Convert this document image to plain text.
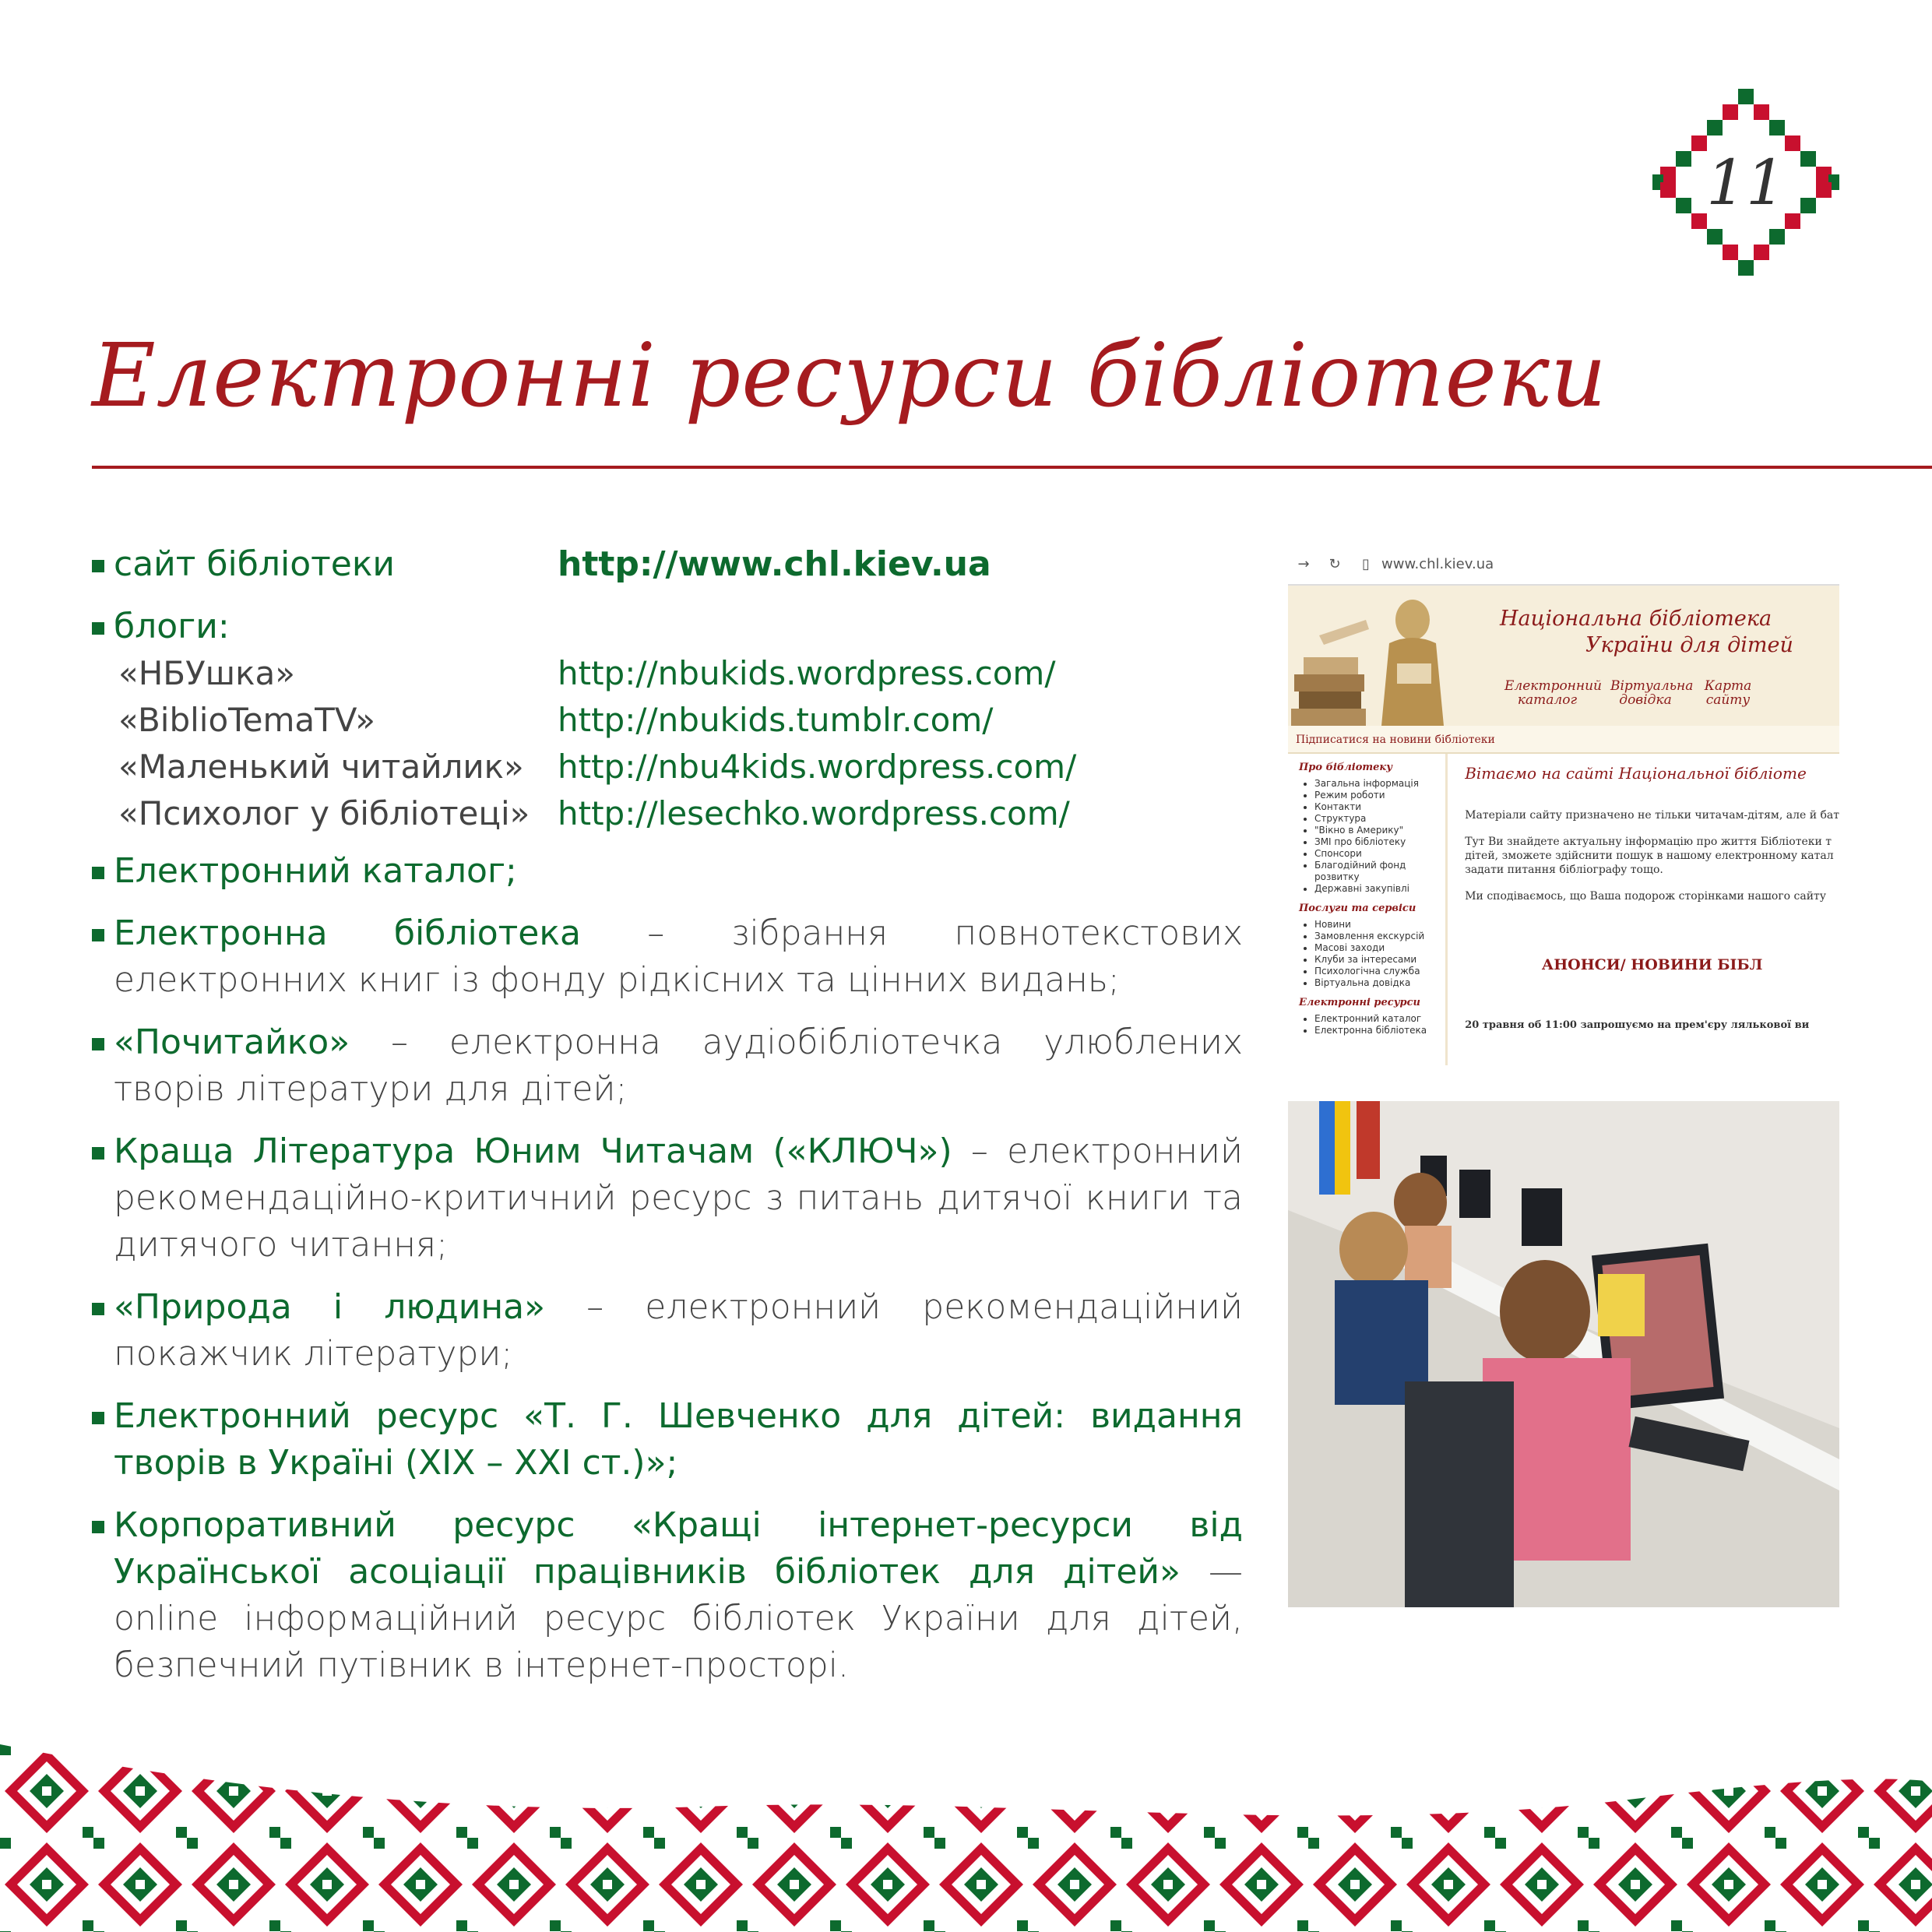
11
Електронні ресурси бібліотеки
сайт бібліотеки	http://www.chl.kiev.ua
блоги:
«НБУшка»	http://nbukids.wordpress.com/
«BiblioTemaTV»	http://nbukids.tumblr.com/
«Маленький читайлик»	http://nbu4kids.wordpress.com/
«Психолог у бібліотеці» http://lesechko.wordpress.com/
Електронний каталог;
Електронна бібліотека – зібрання повнотекстових електронних книг із фонду рідкісних та цінних видань;
«Почитайко» – електронна аудіобібліотечка улюблених творів літератури для дітей;
Краща Література Юним Читачам («КЛЮЧ») – електронний рекомендаційно-критичний ресурс з питань дитячої книги та дитячого читання;
«Природа і людина» – електронний рекомендаційний покажчик літератури;
Електронний ресурс «Т. Г. Шевченко для дітей: видання творів в Україні (XIX – XXI ст.)»;
Корпоративний ресурс «Кращі інтернет-ресурси від Української асоціації працівників бібліотек для дітей» — online інформаційний ресурс бібліотек України для дітей, безпечний путівник в інтернет-просторі.
→	↻	▯ www.chl.kiev.ua
Національна бібліотека
України для дітей
Електронний каталог
Віртуальна довідка
Карта сайту
Підписатися на новини бібліотеки
Про бібліотеку
• Загальна інформація
• Режим роботи
• Контакти
• Структура
• "Вікно в Америку"
• ЗМІ про бібліотеку
• Спонсори
• Благодійний фонд розвитку
• Державні закупівлі
Послуги та сервіси
• Новини
• Замовлення екскурсій
• Масові заходи
• Клуби за інтересами
• Психологічна служба
• Віртуальна довідка
Електронні ресурси
• Електронний каталог
• Електронна бібліотека
Вітаємо на сайті Національної бібліоте

Матеріали сайту призначено не тільки читачам-дітям, але й бат

Тут Ви знайдете актуальну інформацію про життя Бібліотеки т

дітей, зможете здійснити пошук в нашому електронному катал

задати питання бібліографу тощо.

Ми сподіваємось, що Ваша подорож сторінками нашого сайту

АНОНСИ/ НОВИНИ БІБЛ

20 травня об 11:00 запрошуємо на прем'єру лялькової ви
